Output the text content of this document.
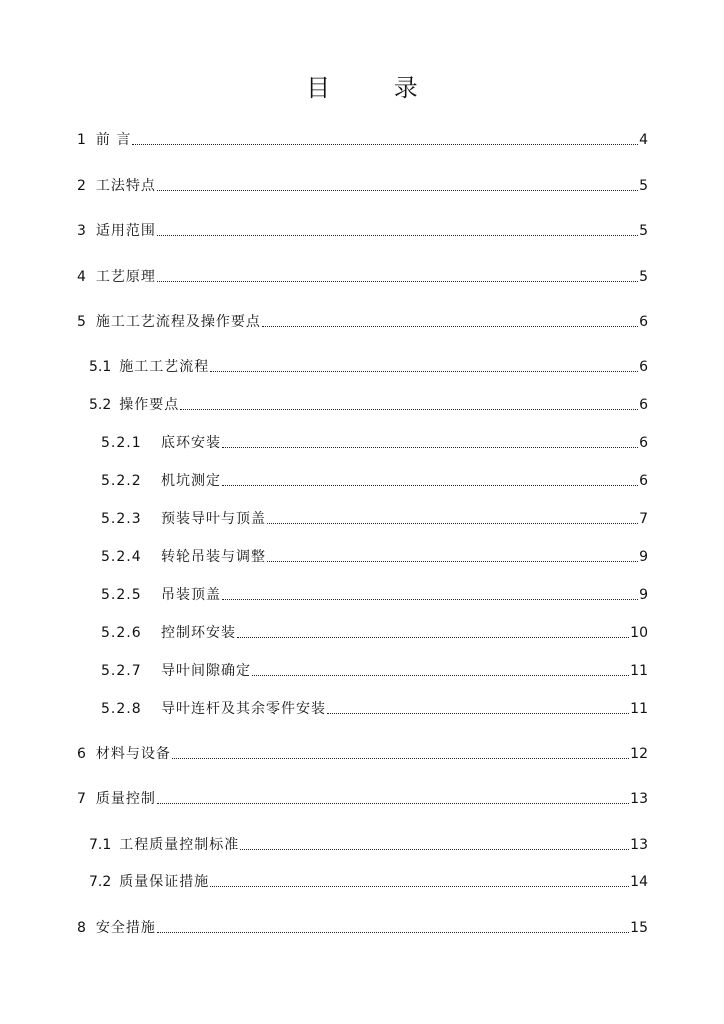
目 录
1 前 言	4
2 工法特点	5
3 适用范围	5
4 工艺原理	5
5 施工工艺流程及操作要点	6
5.1 施工工艺流程	6
5.2 操作要点	6
5.2.1	底环安装	6
5.2.2	机坑测定	6
5.2.3	预装导叶与顶盖	7
5.2.4	转轮吊装与调整	9
5.2.5	吊装顶盖	9
5.2.6	控制环安装	10
5.2.7	导叶间隙确定	11
5.2.8	导叶连杆及其余零件安装	11
6 材料与设备	12
7 质量控制	13
7.1 工程质量控制标准	13
7.2 质量保证措施	14
8 安全措施	15
